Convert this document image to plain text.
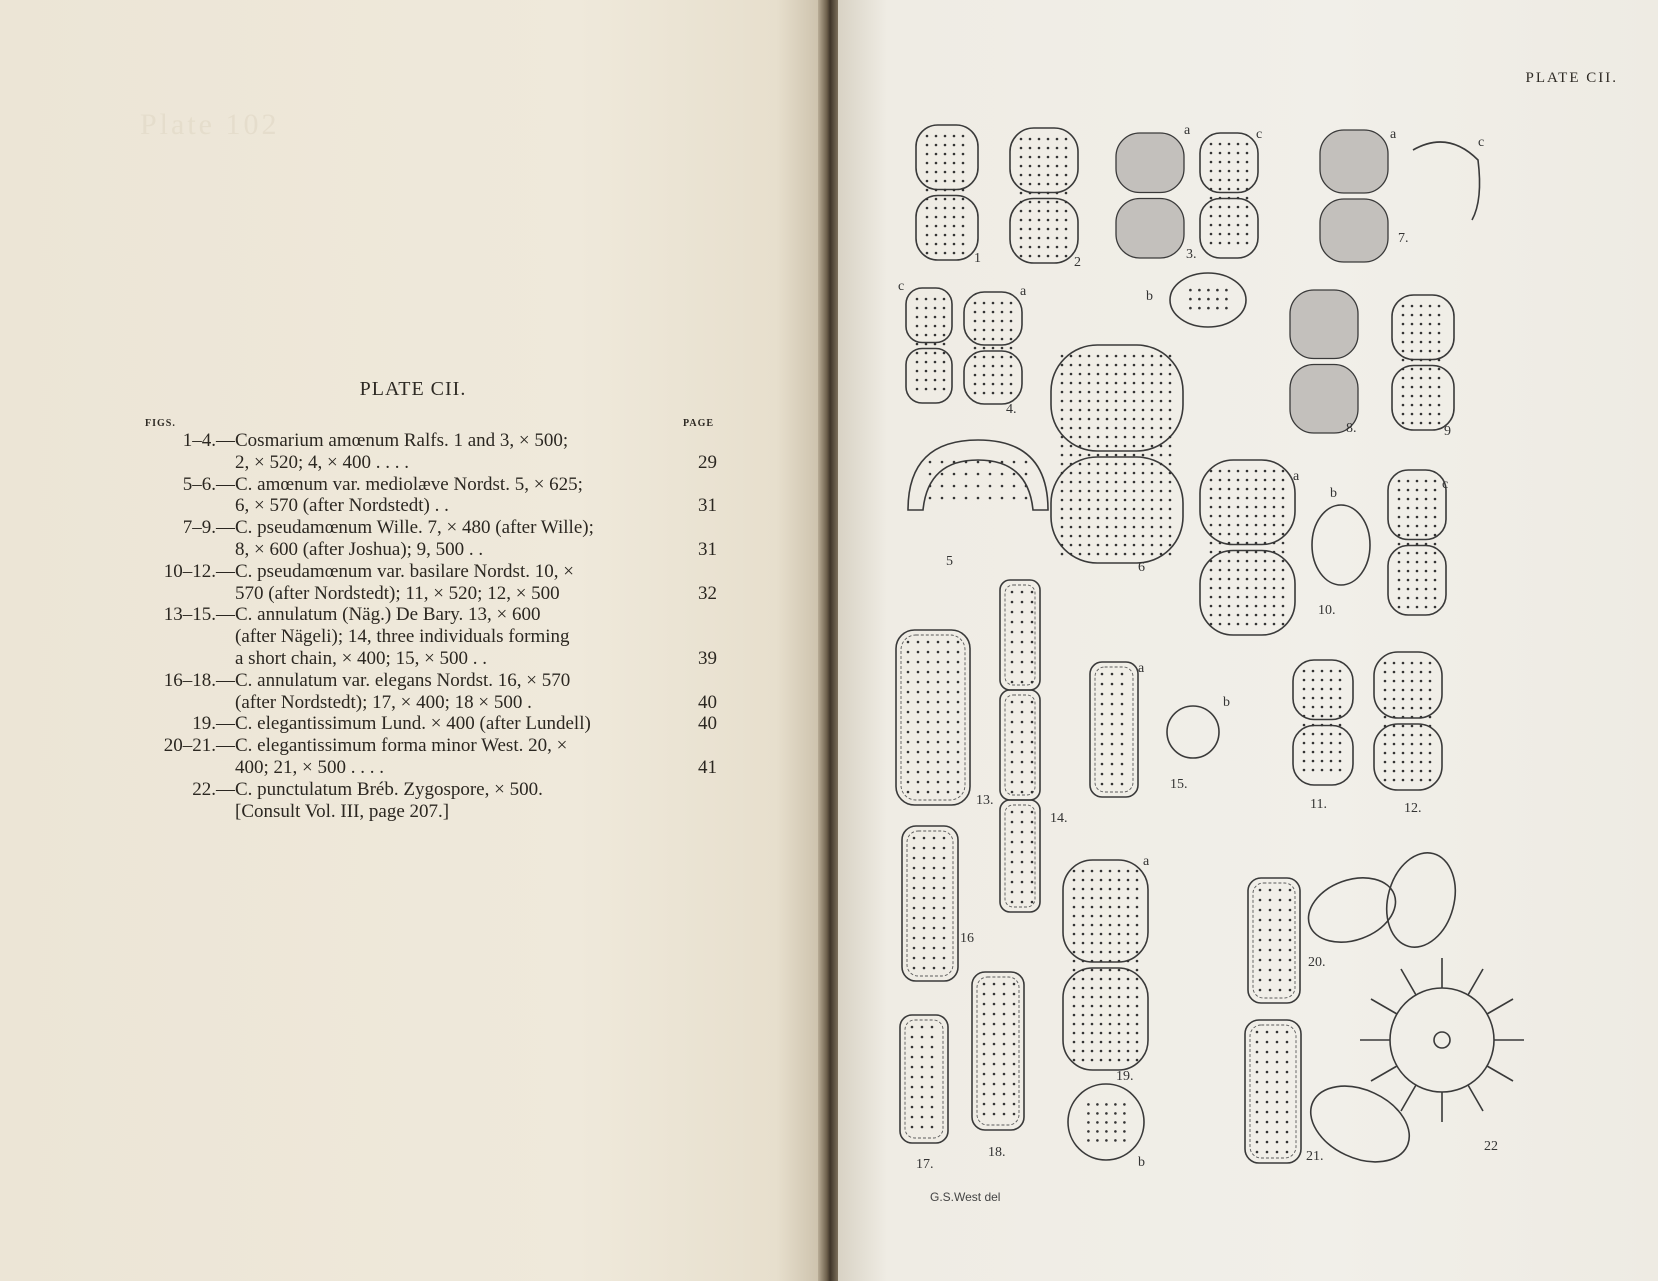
Plate 102
PLATE CII.
FIGS.	PAGE
1–4.— Cosmarium amœnum Ralfs. 1 and 3, × 500;
2, × 520; 4, × 400 . . . .	29
5–6.— C. amœnum var. mediolæve Nordst. 5, × 625;
6, × 570 (after Nordstedt) . .	31
7–9.— C. pseudamœnum Wille. 7, × 480 (after Wille);
8, × 600 (after Joshua); 9, 500 . .	31
10–12.— C. pseudamœnum var. basilare Nordst. 10, ×
570 (after Nordstedt); 11, × 520; 12, × 500	32
13–15.— C. annulatum (Näg.) De Bary. 13, × 600
(after Nägeli); 14, three individuals forming
a short chain, × 400; 15, × 500 . .	39
16–18.— C. annulatum var. elegans Nordst. 16, × 570
(after Nordstedt); 17, × 400; 18 × 500 .	40
19.— C. elegantissimum Lund. × 400 (after Lundell)	40
20–21.— C. elegantissimum forma minor West. 20, ×
400; 21, × 500 . . . .	41
22.— C. punctulatum Bréb. Zygospore, × 500.
[Consult Vol. III, page 207.]
PLATE CII.
1	2
a	c
b
3.
a
c
7.
c	a
4.
8.	9
5	6
a
b
c
10.
13.
14.
a
b
15.
11.	12.
16
17.
18.
a
b
19.
20.
21.
22
G.S.West del
